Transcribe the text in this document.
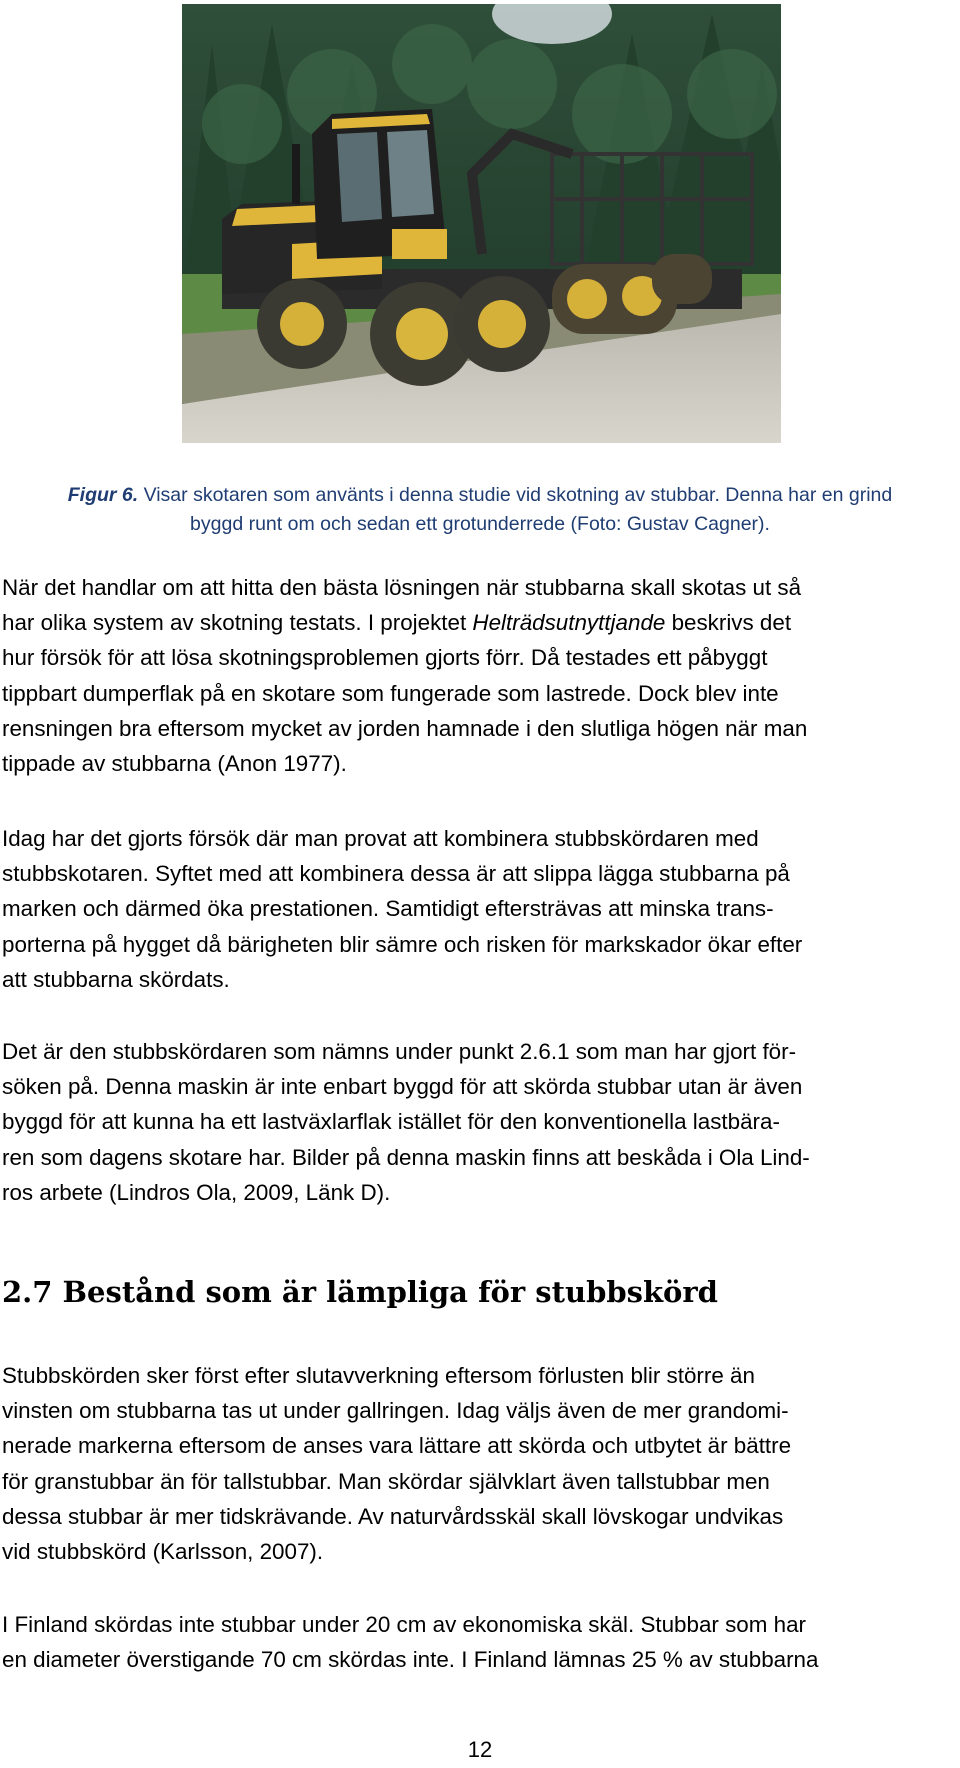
Figur 6. Visar skotaren som använts i denna studie vid skotning av stubbar. Denna har en grind
byggd runt om och sedan ett grotunderrede (Foto: Gustav Cagner).

När det handlar om att hitta den bästa lösningen när stubbarna skall skotas ut så
har olika system av skotning testats. I projektet Helträdsutnyttjande beskrivs det
hur försök för att lösa skotningsproblemen gjorts förr. Då testades ett påbyggt
tippbart dumperflak på en skotare som fungerade som lastrede. Dock blev inte
rensningen bra eftersom mycket av jorden hamnade i den slutliga högen när man
tippade av stubbarna (Anon 1977).

Idag har det gjorts försök där man provat att kombinera stubbskördaren med
stubbskotaren. Syftet med att kombinera dessa är att slippa lägga stubbarna på
marken och därmed öka prestationen. Samtidigt eftersträvas att minska trans-
porterna på hygget då bärigheten blir sämre och risken för markskador ökar efter
att stubbarna skördats.

Det är den stubbskördaren som nämns under punkt 2.6.1 som man har gjort för-
söken på. Denna maskin är inte enbart byggd för att skörda stubbar utan är även
byggd för att kunna ha ett lastväxlarflak istället för den konventionella lastbära-
ren som dagens skotare har. Bilder på denna maskin finns att beskåda i Ola Lind-
ros arbete (Lindros Ola, 2009, Länk D).

2.7 Bestånd som är lämpliga för stubbskörd

Stubbskörden sker först efter slutavverkning eftersom förlusten blir större än
vinsten om stubbarna tas ut under gallringen. Idag väljs även de mer grandomi-
nerade markerna eftersom de anses vara lättare att skörda och utbytet är bättre
för granstubbar än för tallstubbar. Man skördar självklart även tallstubbar men
dessa stubbar är mer tidskrävande. Av naturvårdsskäl skall lövskogar undvikas
vid stubbskörd (Karlsson, 2007).

I Finland skördas inte stubbar under 20 cm av ekonomiska skäl. Stubbar som har
en diameter överstigande 70 cm skördas inte. I Finland lämnas 25 % av stubbarna

12
